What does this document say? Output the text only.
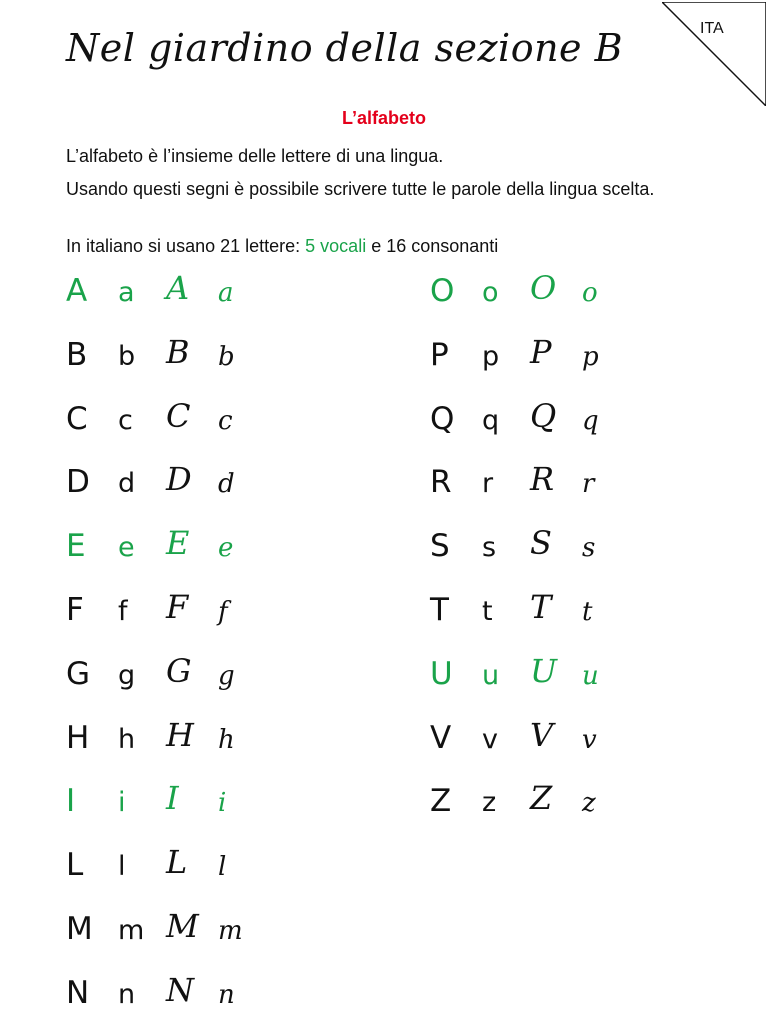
ITA
Nel giardino della sezione B
L’alfabeto

L’alfabeto è l’insieme delle lettere di una lingua.

Usando questi segni è possibile scrivere tutte le parole della lingua scelta.

In italiano si usano 21 lettere: 5 vocali e 16 consonanti

A a A a
B b B b
C c C c
D d D d
E e E e
F f F f
G g G g
H h H h
I i I i
L l L l
M m M m
N n N n
O o O o
P p P p
Q q Q q
R r R r
S s S s
T t T t
U u U u
V v V v
Z z Z z
